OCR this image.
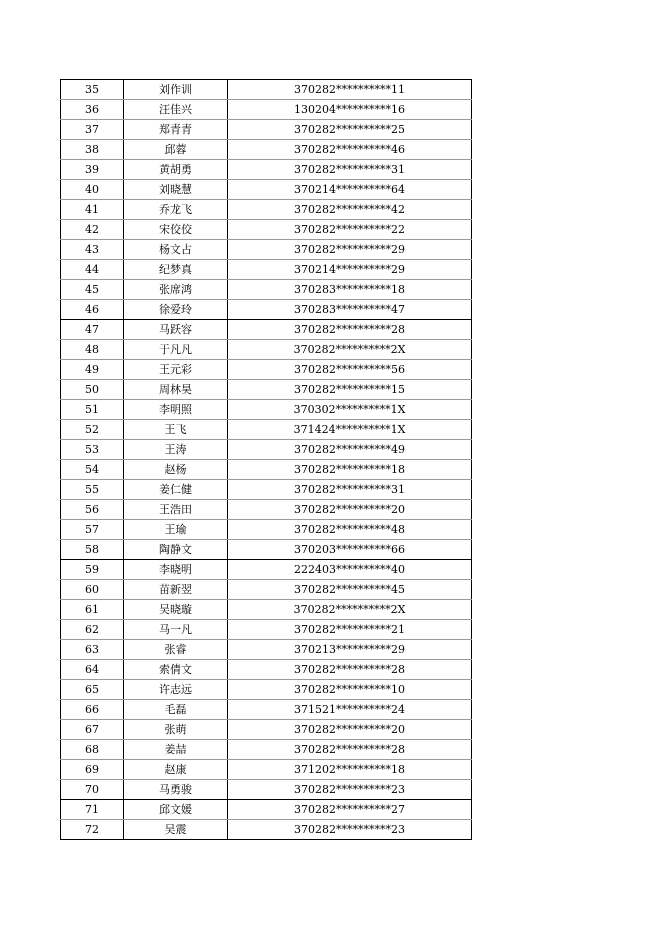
35	刘作训	370282**********11
36	汪佳兴	130204**********16
37	郑青青	370282**********25
38	邱蓉	370282**********46
39	黄胡勇	370282**********31
40	刘晓慧	370214**********64
41	乔龙飞	370282**********42
42	宋佼佼	370282**********22
43	杨文占	370282**********29
44	纪梦真	370214**********29
45	张席鸿	370283**********18
46	徐爱玲	370283**********47
47	马跃容	370282**********28
48	于凡凡	370282**********2X
49	王元彩	370282**********56
50	周林昊	370282**********15
51	李明照	370302**********1X
52	王飞	371424**********1X
53	王涛	370282**********49
54	赵杨	370282**********18
55	姜仁健	370282**********31
56	王浩田	370282**********20
57	王瑜	370282**********48
58	陶静文	370203**********66
59	李晓明	222403**********40
60	苗新翌	370282**********45
61	吴晓璇	370282**********2X
62	马一凡	370282**********21
63	张睿	370213**********29
64	索倩文	370282**********28
65	许志远	370282**********10
66	毛磊	371521**********24
67	张萌	370282**********20
68	姜喆	370282**********28
69	赵康	371202**********18
70	马勇骏	370282**********23
71	邱文媛	370282**********27
72	吴震	370282**********23
